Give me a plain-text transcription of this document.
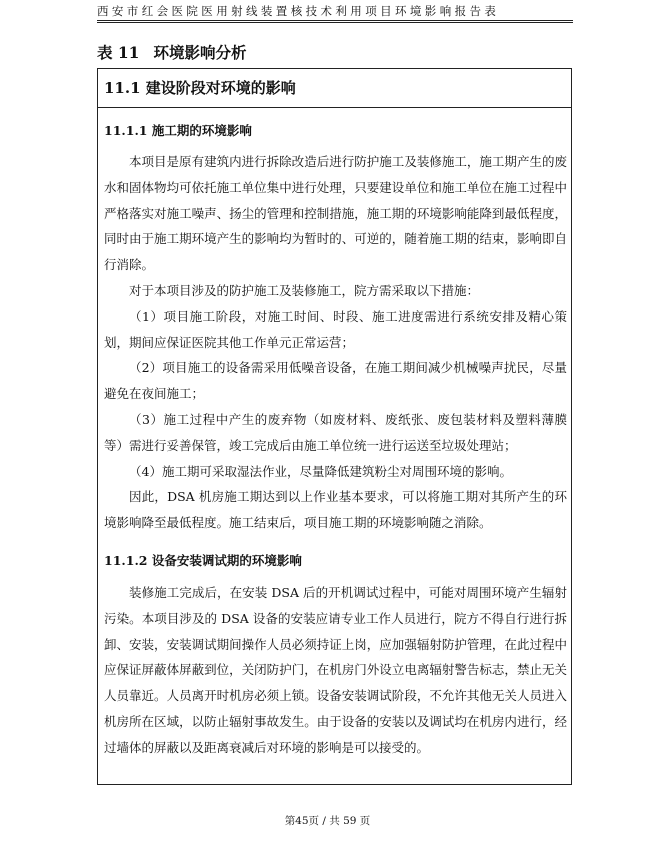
西安市红会医院医用射线装置核技术利用项目环境影响报告表
表 11 环境影响分析
11.1 建设阶段对环境的影响
11.1.1 施工期的环境影响

本项目是原有建筑内进行拆除改造后进行防护施工及装修施工，施工期产生的废水和固体物均可依托施工单位集中进行处理，只要建设单位和施工单位在施工过程中严格落实对施工噪声、扬尘的管理和控制措施，施工期的环境影响能降到最低程度，同时由于施工期环境产生的影响均为暂时的、可逆的，随着施工期的结束，影响即自行消除。

对于本项目涉及的防护施工及装修施工，院方需采取以下措施：

（1）项目施工阶段，对施工时间、时段、施工进度需进行系统安排及精心策划，期间应保证医院其他工作单元正常运营；

（2）项目施工的设备需采用低噪音设备，在施工期间减少机械噪声扰民，尽量避免在夜间施工；

（3）施工过程中产生的废弃物（如废材料、废纸张、废包装材料及塑料薄膜等）需进行妥善保管，竣工完成后由施工单位统一进行运送至垃圾处理站；

（4）施工期可采取湿法作业，尽量降低建筑粉尘对周围环境的影响。

因此，DSA 机房施工期达到以上作业基本要求，可以将施工期对其所产生的环境影响降至最低程度。施工结束后，项目施工期的环境影响随之消除。

11.1.2 设备安装调试期的环境影响

装修施工完成后，在安装 DSA 后的开机调试过程中，可能对周围环境产生辐射污染。本项目涉及的 DSA 设备的安装应请专业工作人员进行，院方不得自行进行拆卸、安装，安装调试期间操作人员必须持证上岗，应加强辐射防护管理，在此过程中应保证屏蔽体屏蔽到位，关闭防护门，在机房门外设立电离辐射警告标志，禁止无关人员靠近。人员离开时机房必须上锁。设备安装调试阶段，不允许其他无关人员进入机房所在区域，以防止辐射事故发生。由于设备的安装以及调试均在机房内进行，经过墙体的屏蔽以及距离衰减后对环境的影响是可以接受的。

第45页 / 共 59 页
